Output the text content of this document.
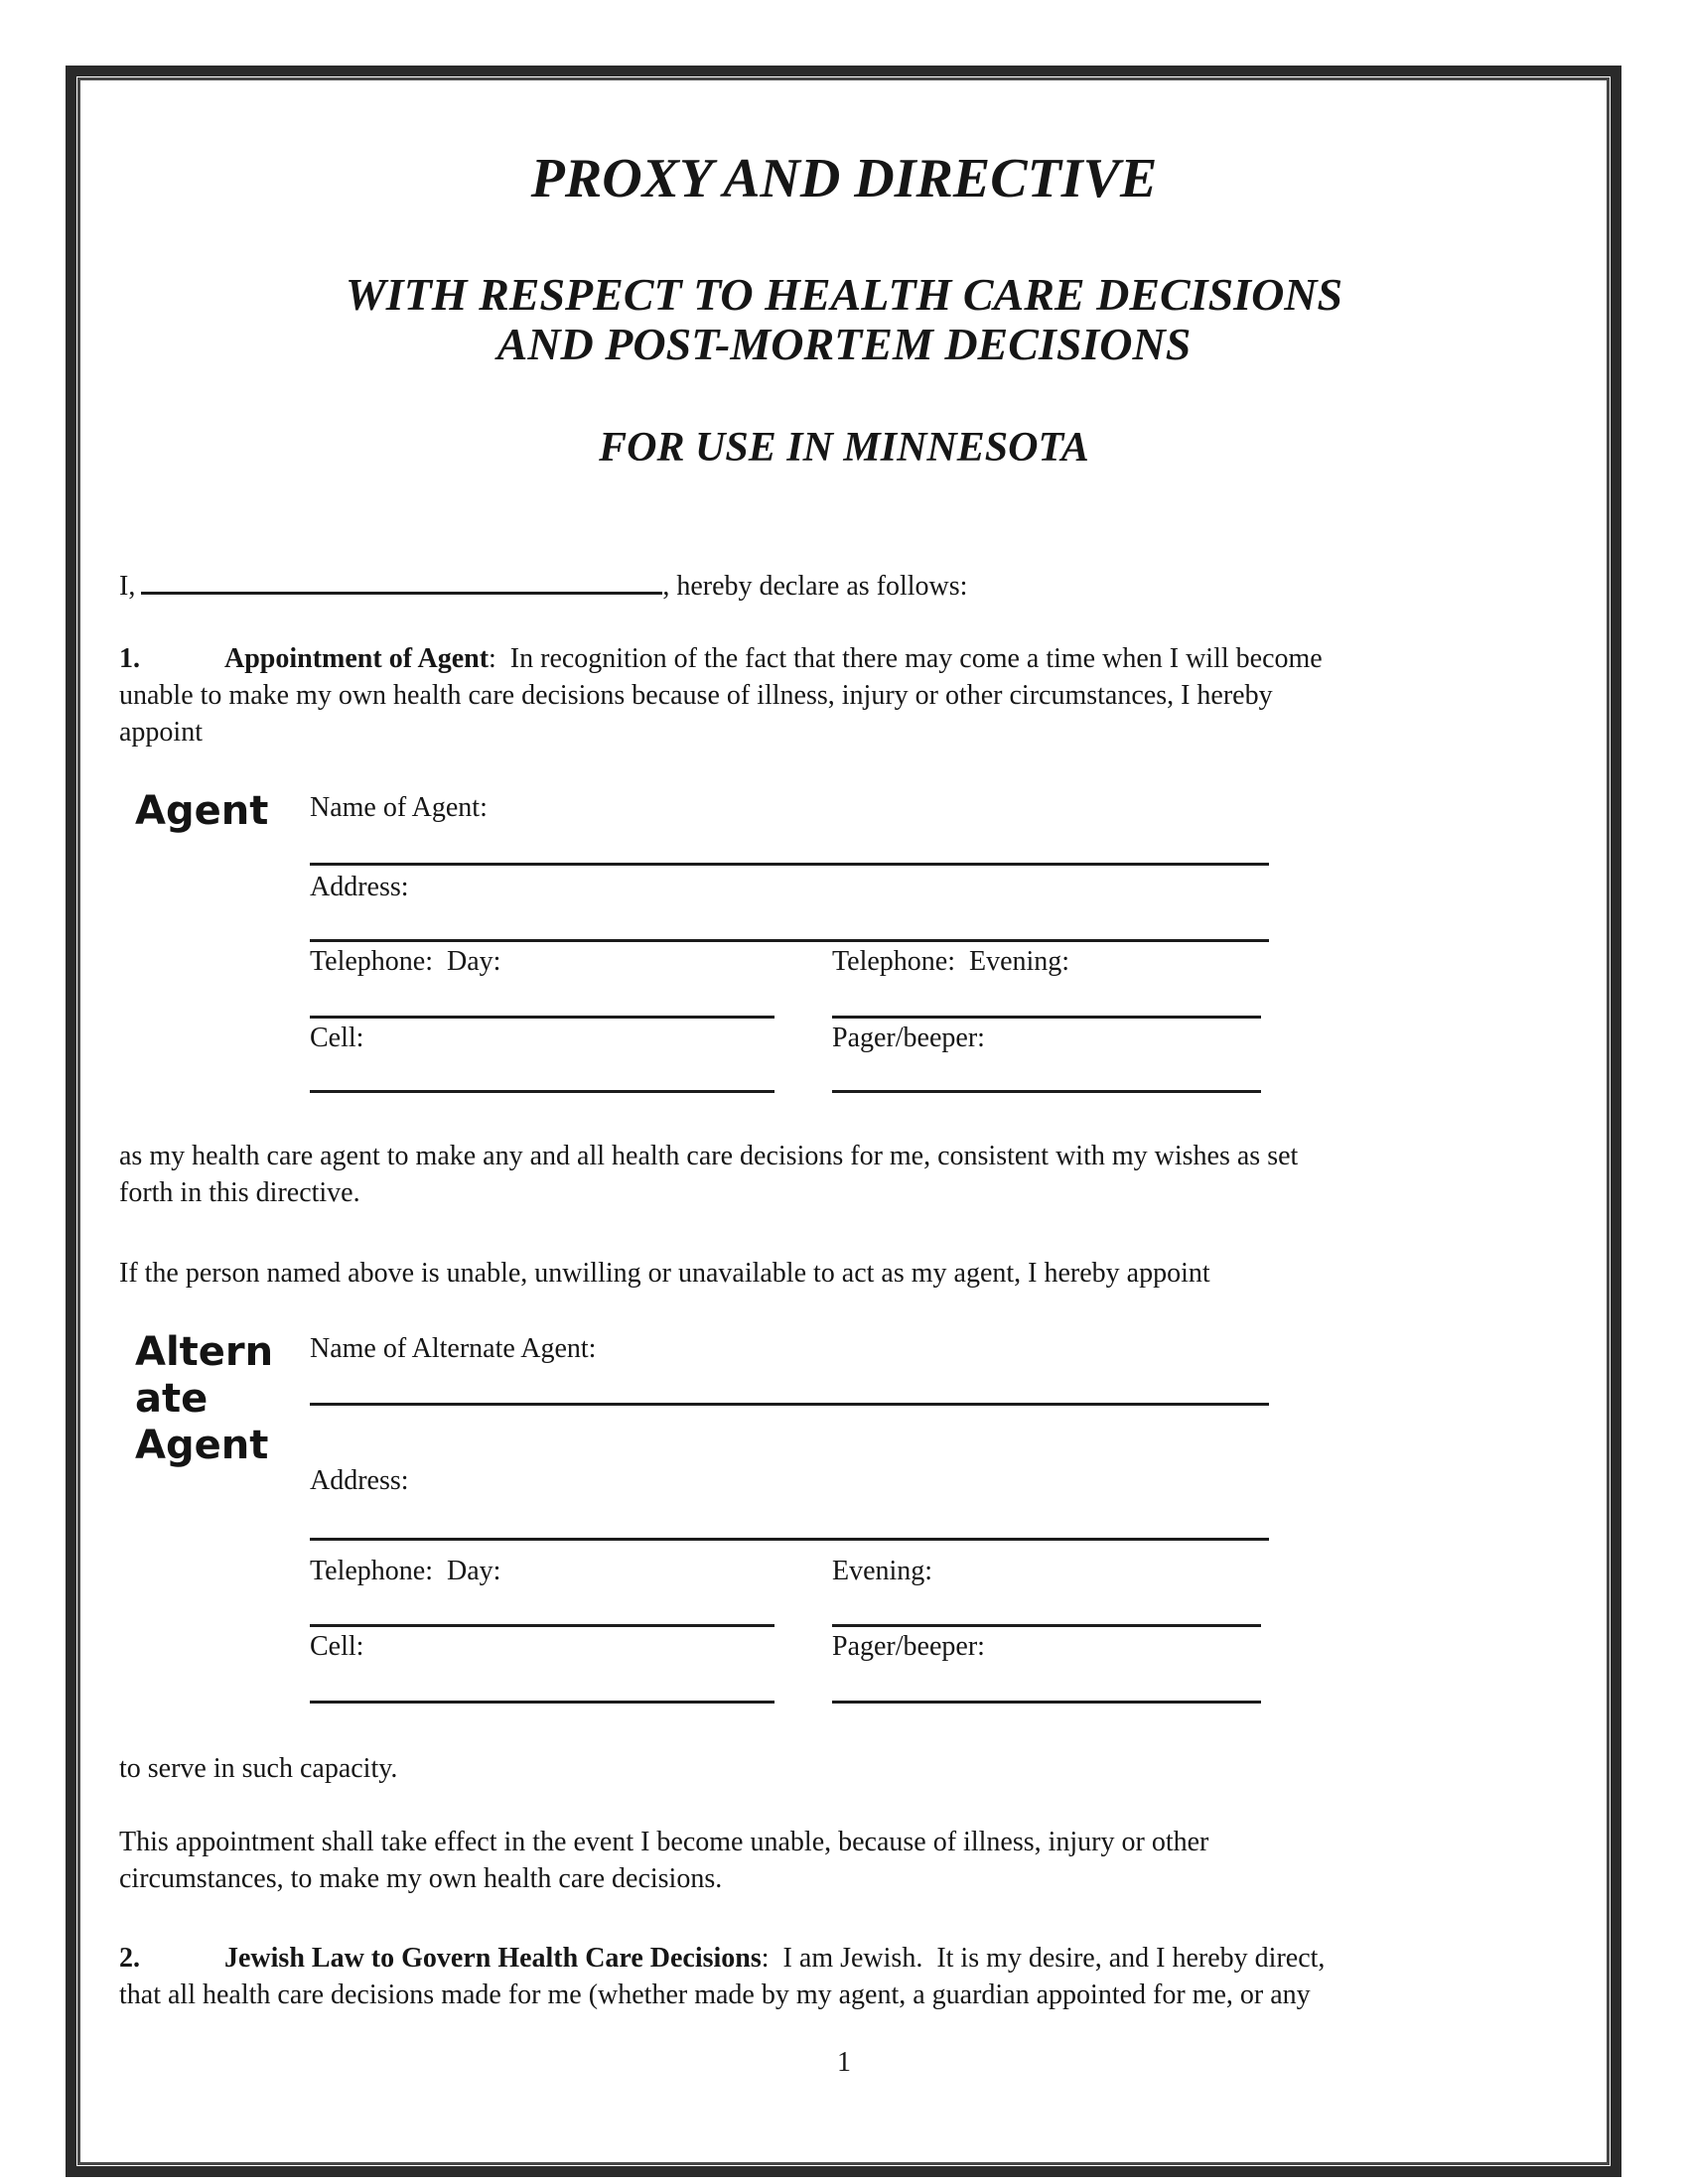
PROXY AND DIRECTIVE
WITH RESPECT TO HEALTH CARE DECISIONS
AND POST-MORTEM DECISIONS
FOR USE IN MINNESOTA
I,	, hereby declare as follows:
1.	Appointment of Agent:  In recognition of the fact that there may come a time when I will become
unable to make my own health care decisions because of illness, injury or other circumstances, I hereby
appoint
Agent Name of Agent:
Address:
Telephone:  Day:	Telephone:  Evening:
Cell:	Pager/beeper:
as my health care agent to make any and all health care decisions for me, consistent with my wishes as set
forth in this directive.
If the person named above is unable, unwilling or unavailable to act as my agent, I hereby appoint
Altern
ate
Agent
Name of Alternate Agent:
Address:
Telephone:  Day:	Evening:
Cell:	Pager/beeper:
to serve in such capacity.
This appointment shall take effect in the event I become unable, because of illness, injury or other
circumstances, to make my own health care decisions.
2.	Jewish Law to Govern Health Care Decisions:  I am Jewish.  It is my desire, and I hereby direct,
that all health care decisions made for me (whether made by my agent, a guardian appointed for me, or any
1
